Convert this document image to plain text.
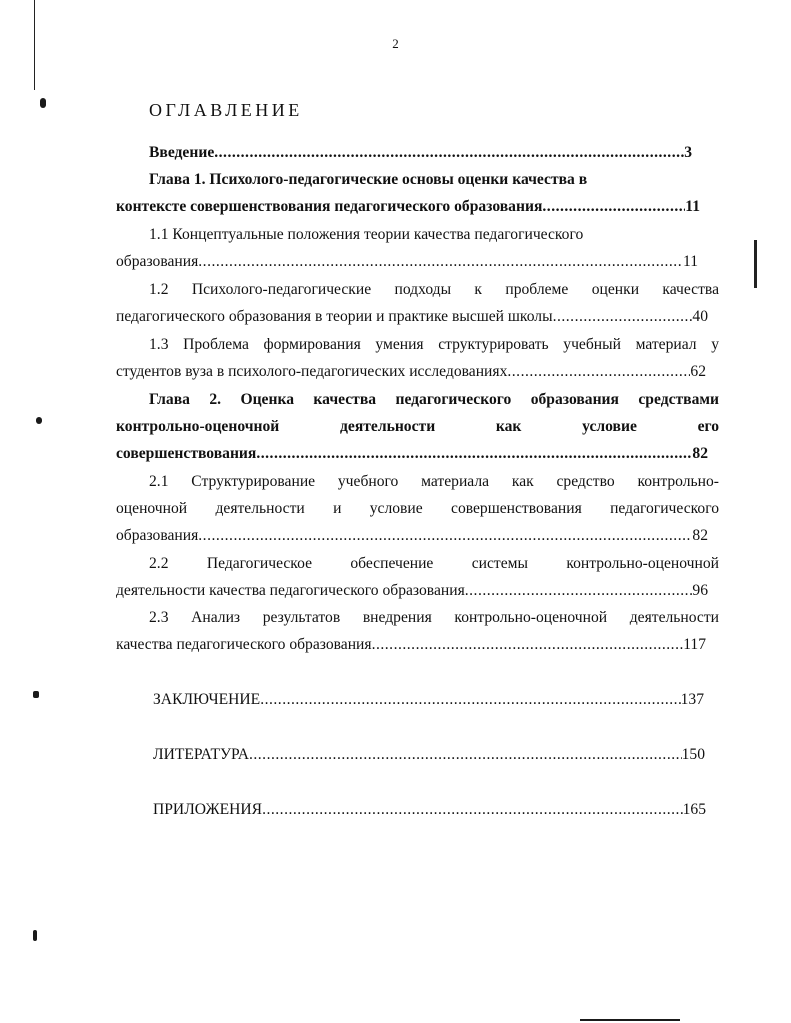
2
ОГЛАВЛЕНИЕ
Введение .....	3
Глава 1. Психолого-педагогические основы оценки качества в
контексте совершенствования педагогического образования .....	11
1.1 Концептуальные положения теории качества педагогического
образования .....	11
1.2 Психолого-педагогические подходы к проблеме оценки качества
педагогического образования в теории и практике высшей школы .....	40
1.3 Проблема формирования умения структурировать учебный материал у
студентов вуза в психолого-педагогических исследованиях .....	62
Глава 2. Оценка качества педагогического образования средствами
контрольно-оценочной деятельности как условие его
совершенствования .....	82
2.1 Структурирование учебного материала как средство контрольно-
оценочной деятельности и условие совершенствования педагогического
образования .....	82
2.2 Педагогическое обеспечение системы контрольно-оценочной
деятельности качества педагогического образования .....	96
2.3 Анализ результатов внедрения контрольно-оценочной деятельности
качества педагогического образования .....	117
ЗАКЛЮЧЕНИЕ .....	137
ЛИТЕРАТУРА .....	150
ПРИЛОЖЕНИЯ .....	165
